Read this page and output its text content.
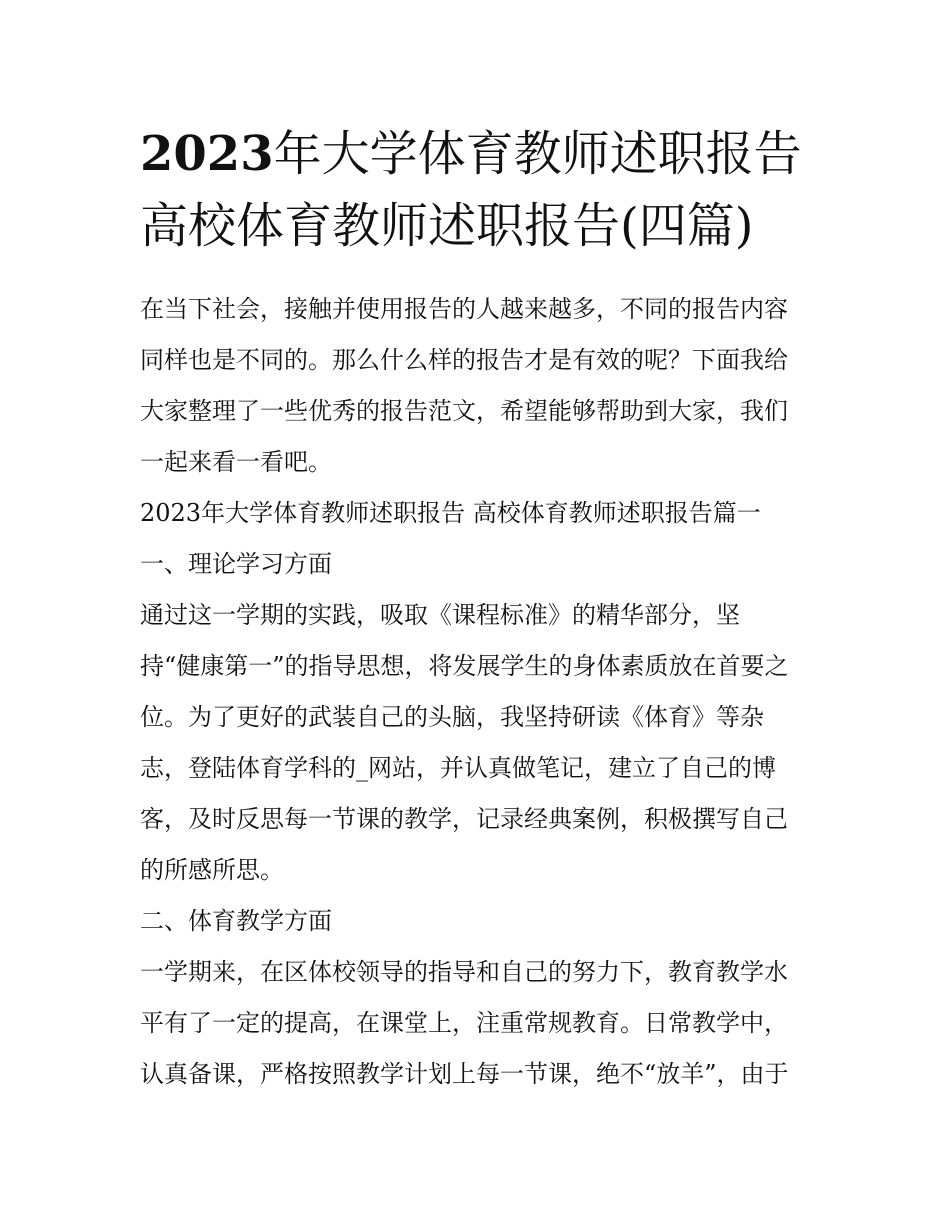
2023年大学体育教师述职报告
高校体育教师述职报告(四篇)

在当下社会，接触并使用报告的人越来越多，不同的报告内容
同样也是不同的。那么什么样的报告才是有效的呢？下面我给
大家整理了一些优秀的报告范文，希望能够帮助到大家，我们
一起来看一看吧。

2023年大学体育教师述职报告 高校体育教师述职报告篇一

一、理论学习方面

通过这一学期的实践，吸取《课程标准》的精华部分，坚
持“健康第一”的指导思想，将发展学生的身体素质放在首要之
位。为了更好的武装自己的头脑，我坚持研读《体育》等杂
志，登陆体育学科的_网站，并认真做笔记，建立了自己的博
客，及时反思每一节课的教学，记录经典案例，积极撰写自己
的所感所思。

二、体育教学方面

一学期来，在区体校领导的指导和自己的努力下，教育教学水
平有了一定的提高，在课堂上，注重常规教育。日常教学中，
认真备课，严格按照教学计划上每一节课，绝不“放羊”，由于
